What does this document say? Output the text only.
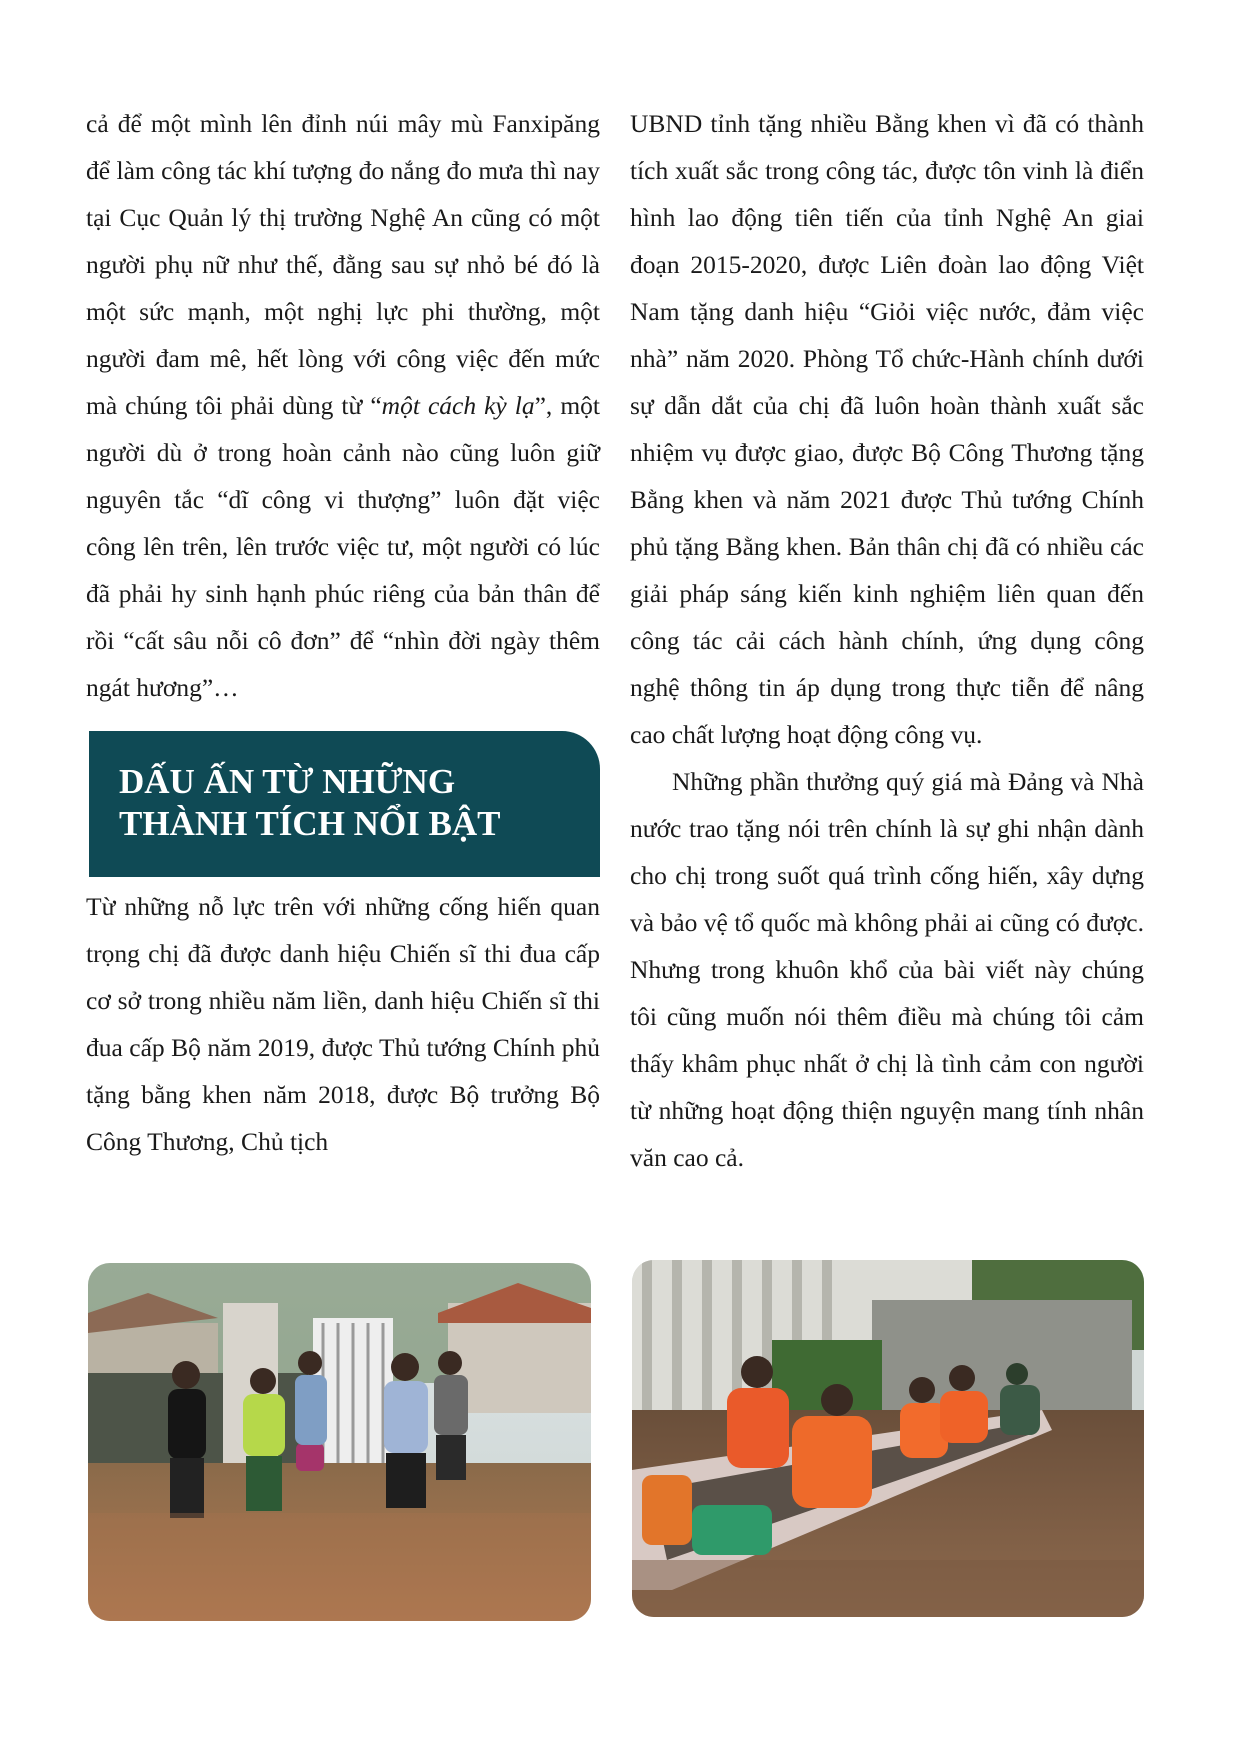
cả để một mình lên đỉnh núi mây mù Fanxipăng để làm công tác khí tượng đo nắng đo mưa thì nay tại Cục Quản lý thị trường Nghệ An cũng có một người phụ nữ như thế, đằng sau sự nhỏ bé đó là một sức mạnh, một nghị lực phi thường, một người đam mê, hết lòng với công việc đến mức mà chúng tôi phải dùng từ “một cách kỳ lạ”, một người dù ở trong hoàn cảnh nào cũng luôn giữ nguyên tắc “dĩ công vi thượng” luôn đặt việc công lên trên, lên trước việc tư, một người có lúc đã phải hy sinh hạnh phúc riêng của bản thân để rồi “cất sâu nỗi cô đơn” để “nhìn đời ngày thêm ngát hương”…

DẤU ẤN TỪ NHỮNG
THÀNH TÍCH NỔI BẬT

Từ những nỗ lực trên với những cống hiến quan trọng chị đã được danh hiệu Chiến sĩ thi đua cấp cơ sở trong nhiều năm liền, danh hiệu Chiến sĩ thi đua cấp Bộ năm 2019, được Thủ tướng Chính phủ tặng bằng khen năm 2018, được Bộ trưởng Bộ Công Thương, Chủ tịch

UBND tỉnh tặng nhiều Bằng khen vì đã có thành tích xuất sắc trong công tác, được tôn vinh là điển hình lao động tiên tiến của tỉnh Nghệ An giai đoạn 2015-2020, được Liên đoàn lao động Việt Nam tặng danh hiệu “Giỏi việc nước, đảm việc nhà” năm 2020. Phòng Tổ chức-Hành chính dưới sự dẫn dắt của chị đã luôn hoàn thành xuất sắc nhiệm vụ được giao, được Bộ Công Thương tặng Bằng khen và năm 2021 được Thủ tướng Chính phủ tặng Bằng khen. Bản thân chị đã có nhiều các giải pháp sáng kiến kinh nghiệm liên quan đến công tác cải cách hành chính, ứng dụng công nghệ thông tin áp dụng trong thực tiễn để nâng cao chất lượng hoạt động công vụ.

Những phần thưởng quý giá mà Đảng và Nhà nước trao tặng nói trên chính là sự ghi nhận dành cho chị trong suốt quá trình cống hiến, xây dựng và bảo vệ tổ quốc mà không phải ai cũng có được. Nhưng trong khuôn khổ của bài viết này chúng tôi cũng muốn nói thêm điều mà chúng tôi cảm thấy khâm phục nhất ở chị là tình cảm con người từ những hoạt động thiện nguyện mang tính nhân văn cao cả.
